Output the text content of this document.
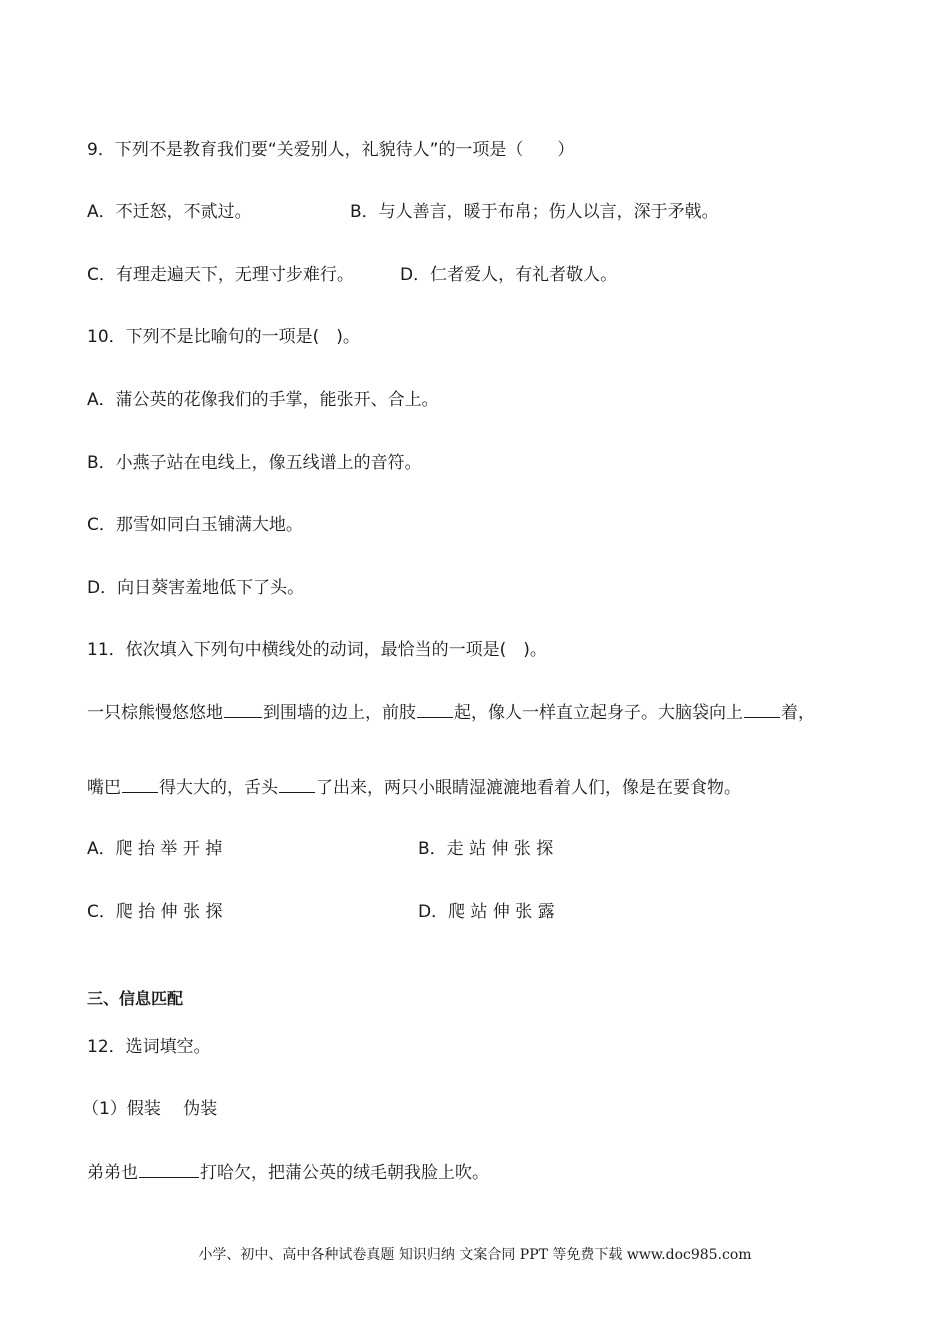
9．下列不是教育我们要“关爱别人，礼貌待人”的一项是（　　）
A．不迁怒，不贰过。	B．与人善言，暖于布帛；伤人以言，深于矛戟。
C．有理走遍天下，无理寸步难行。	D．仁者爱人，有礼者敬人。
10．下列不是比喻句的一项是(　)。
A．蒲公英的花像我们的手掌，能张开、合上。
B．小燕子站在电线上，像五线谱上的音符。
C．那雪如同白玉铺满大地。
D．向日葵害羞地低下了头。
11．依次填入下列句中横线处的动词，最恰当的一项是(　)。
一只棕熊慢悠悠地 到围墙的边上，前肢 起，像人一样直立起身子。大脑袋向上 着，
嘴巴 得大大的，舌头 了出来，两只小眼睛湿漉漉地看着人们，像是在要食物。
A．爬 抬 举 开 掉	B．走 站 伸 张 探
C．爬 抬 伸 张 探	D．爬 站 伸 张 露
三、信息匹配
12．选词填空。
（1）假装　 伪装
弟弟也	打哈欠，把蒲公英的绒毛朝我脸上吹。
小学、初中、高中各种试卷真题 知识归纳 文案合同 PPT 等免费下载 www.doc985.com
